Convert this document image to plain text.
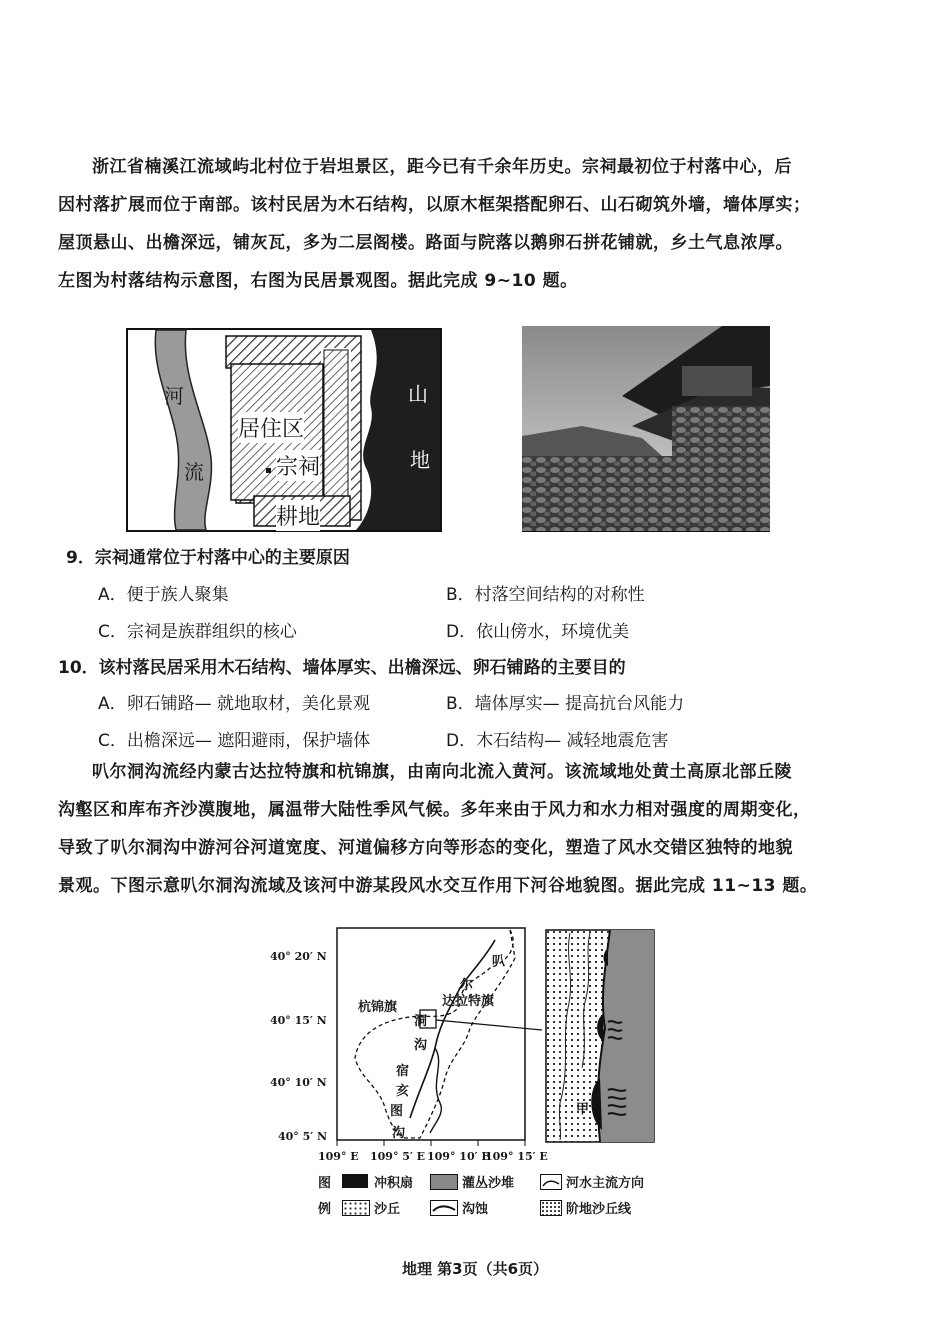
浙江省楠溪江流域屿北村位于岩坦景区，距今已有千余年历史。宗祠最初位于村落中心，后
因村落扩展而位于南部。该村民居为木石结构，以原木框架搭配卵石、山石砌筑外墙，墙体厚实；
屋顶悬山、出檐深远，铺灰瓦，多为二层阁楼。路面与院落以鹅卵石拼花铺就，乡土气息浓厚。
左图为村落结构示意图，右图为民居景观图。据此完成 9~10 题。
河
流
山
地
居住区
宗祠
耕地
9．宗祠通常位于村落中心的主要原因
A．便于族人聚集	B．村落空间结构的对称性
C．宗祠是族群组织的核心	D．依山傍水，环境优美
10．该村落民居采用木石结构、墙体厚实、出檐深远、卵石铺路的主要目的
A．卵石铺路— 就地取材，美化景观	B．墙体厚实— 提高抗台风能力
C．出檐深远— 遮阳避雨，保护墙体	D．木石结构— 减轻地震危害
叭尔洞沟流经内蒙古达拉特旗和杭锦旗，由南向北流入黄河。该流域地处黄土高原北部丘陵
沟壑区和库布齐沙漠腹地，属温带大陆性季风气候。多年来由于风力和水力相对强度的周期变化，
导致了叭尔洞沟中游河谷河道宽度、河道偏移方向等形态的变化，塑造了风水交错区独特的地貌
景观。下图示意叭尔洞沟流域及该河中游某段风水交互作用下河谷地貌图。据此完成 11~13 题。
40° 20′ N
40° 15′ N
40° 10′ N
40° 5′ N
109° E 109° 5′ E 109° 10′ E
109° 15′ E
杭锦旗	达拉特旗
叭
尔
洞
沟
宿
亥
图
沟
甲
图
例
冲积扇	灌丛沙堆	河水主流方向
沙丘	沟蚀	阶地沙丘线
地理 第3页（共6页）
